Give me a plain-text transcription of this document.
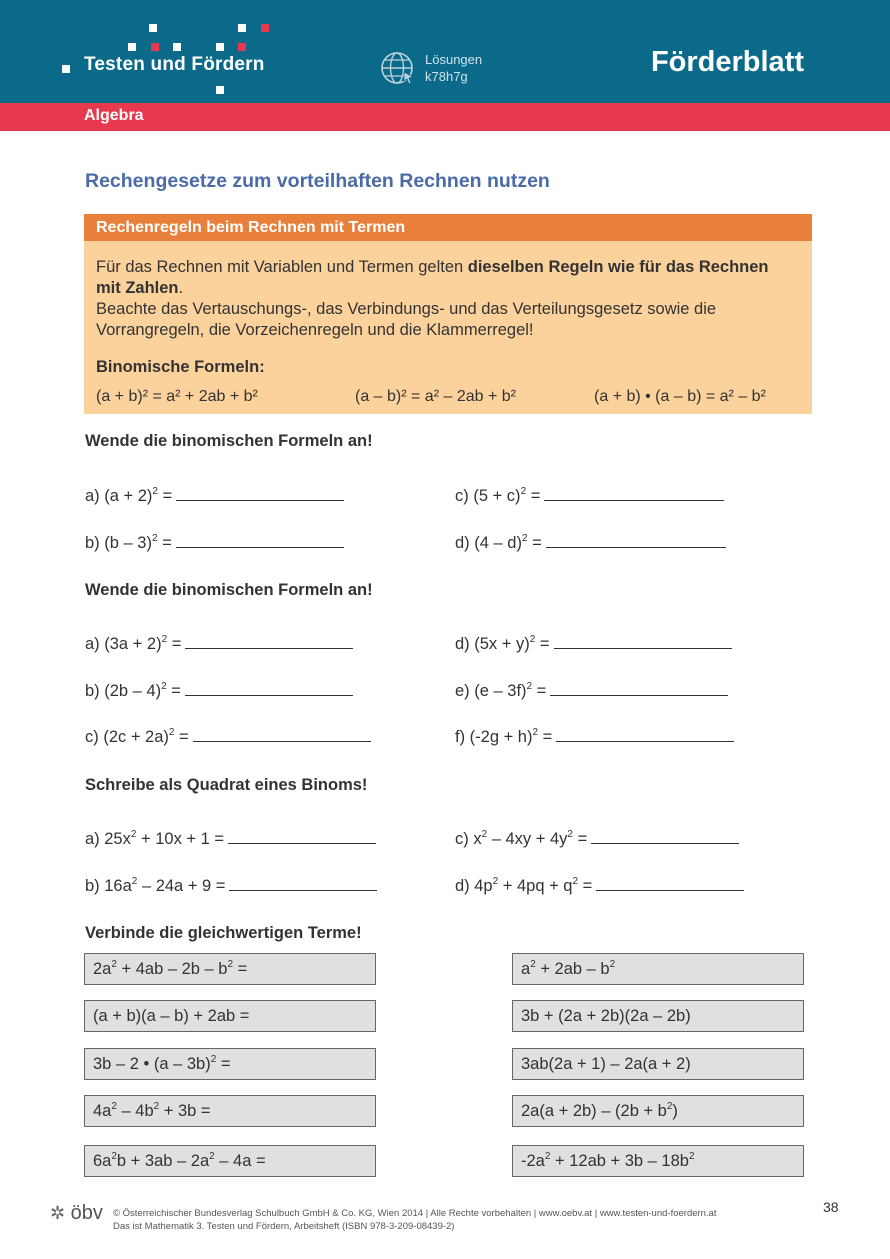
Testen und Fördern	Lösungen
k78h7g	Förderblatt
Algebra
Rechengesetze zum vorteilhaften Rechnen nutzen
Rechenregeln beim Rechnen mit Termen
Für das Rechnen mit Variablen und Termen gelten dieselben Regeln wie für das Rechnen mit Zahlen.
Beachte das Vertauschungs-, das Verbindungs- und das Verteilungsgesetz sowie die Vorrangregeln, die Vorzeichenregeln und die Klammerregel!
Binomische Formeln:
(a + b)² = a² + 2ab + b²	(a – b)² = a² – 2ab + b²	(a + b) • (a – b) = a² – b²
Wende die binomischen Formeln an!
a) $(a + 2)^2$ =
b) (b – 3)$^2$ =
c) $(5 + c)^2$ =
d) (4 – d)$^2$ =
Wende die binomischen Formeln an!
a) $(3a + 2)^2$ =
b) (2b – 4)$^2$ =
c) $(2c + 2a)^2$ =
d) $(5x + y)^2$ =
e) (e – 3f)$^2$ =
f) $(-2g + h)^2$ =
Schreibe als Quadrat eines Binoms!
a) $25x^2 + 10x + 1$ =
b) $16a^2 - 24a + 9$ =
c) $x^2 - 4xy + 4y^2$ =
d) $4p^2 + 4pq + q^2$ =
Verbinde die gleichwertigen Terme!
$2a^2 + 4ab - 2b - b^2$ =
(a + b)(a – b) + 2ab =
3b – 2 • (a – 3b)$^2$ =
$4a^2 - 4b^2 + 3b$ =
$6a^2b + 3ab - 2a^2 - 4a$ =
$a^2 + 2ab - b^2$
3b + (2a + 2b)(2a – 2b)
3ab(2a + 1) – 2a(a + 2)
$2a(a + 2b) - (2b + b^2)$
$-2a^2 + 12ab + 3b - 18b^2$
✲ öbv © Österreichischer Bundesverlag Schulbuch GmbH & Co. KG, Wien 2014 | Alle Rechte vorbehalten | www.oebv.at | www.testen-und-foerdern.at
Das ist Mathematik 3. Testen und Fördern, Arbeitsheft (ISBN 978-3-209-08439-2)
38
